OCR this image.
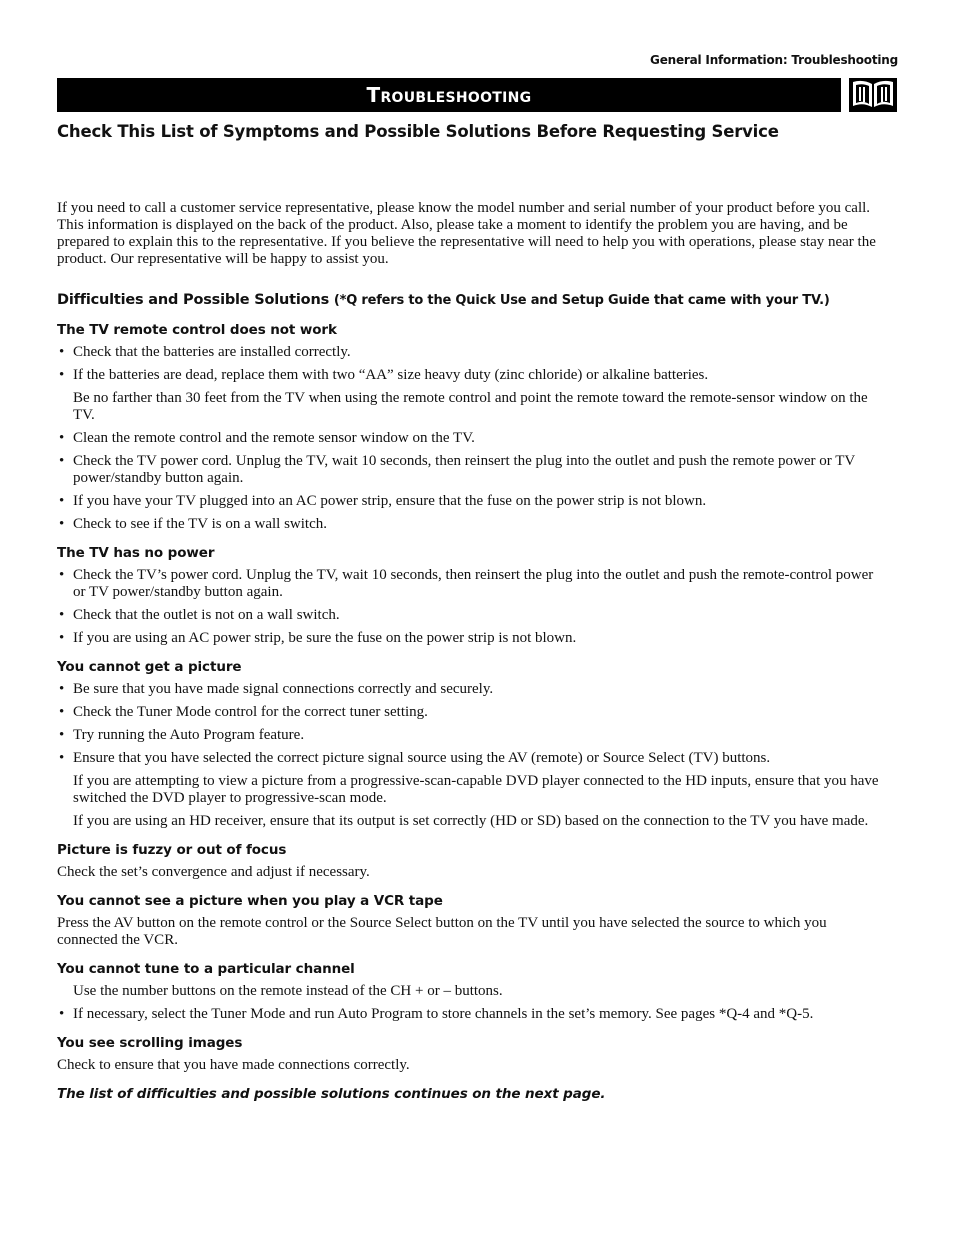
General Information: Troubleshooting
Troubleshooting
Check This List of Symptoms and Possible Solutions Before Requesting Service

If you need to call a customer service representative, please know the model number and serial number of your product before you call. This information is displayed on the back of the product. Also, please take a moment to identify the problem you are having, and be prepared to explain this to the representative. If you believe the representative will need to help you with operations, please stay near the product. Our representative will be happy to assist you.

Difficulties and Possible Solutions (*Q refers to the Quick Use and Setup Guide that came with your TV.)
The TV remote control does not work
• Check that the batteries are installed correctly.
• If the batteries are dead, replace them with two “AA” size heavy duty (zinc chloride) or alkaline batteries.
Be no farther than 30 feet from the TV when using the remote control and point the remote toward the remote-sensor window on the TV.
• Clean the remote control and the remote sensor window on the TV.
• Check the TV power cord. Unplug the TV, wait 10 seconds, then reinsert the plug into the outlet and push the remote power or TV power/standby button again.
• If you have your TV plugged into an AC power strip, ensure that the fuse on the power strip is not blown.
• Check to see if the TV is on a wall switch.
The TV has no power
• Check the TV’s power cord. Unplug the TV, wait 10 seconds, then reinsert the plug into the outlet and push the remote-control power or TV power/standby button again.
• Check that the outlet is not on a wall switch.
• If you are using an AC power strip, be sure the fuse on the power strip is not blown.
You cannot get a picture
• Be sure that you have made signal connections correctly and securely.
• Check the Tuner Mode control for the correct tuner setting.
• Try running the Auto Program feature.
• Ensure that you have selected the correct picture signal source using the AV (remote) or Source Select (TV) buttons.
If you are attempting to view a picture from a progressive-scan-capable DVD player connected to the HD inputs, ensure that you have switched the DVD player to progressive-scan mode.
If you are using an HD receiver, ensure that its output is set correctly (HD or SD) based on the connection to the TV you have made.
Picture is fuzzy or out of focus

Check the set’s convergence and adjust if necessary.

You cannot see a picture when you play a VCR tape

Press the AV button on the remote control or the Source Select button on the TV until you have selected the source to which you connected the VCR.

You cannot tune to a particular channel
Use the number buttons on the remote instead of the CH + or – buttons.
• If necessary, select the Tuner Mode and run Auto Program to store channels in the set’s memory. See pages *Q-4 and *Q-5.
You see scrolling images

Check to ensure that you have made connections correctly.

The list of difficulties and possible solutions continues on the next page.
